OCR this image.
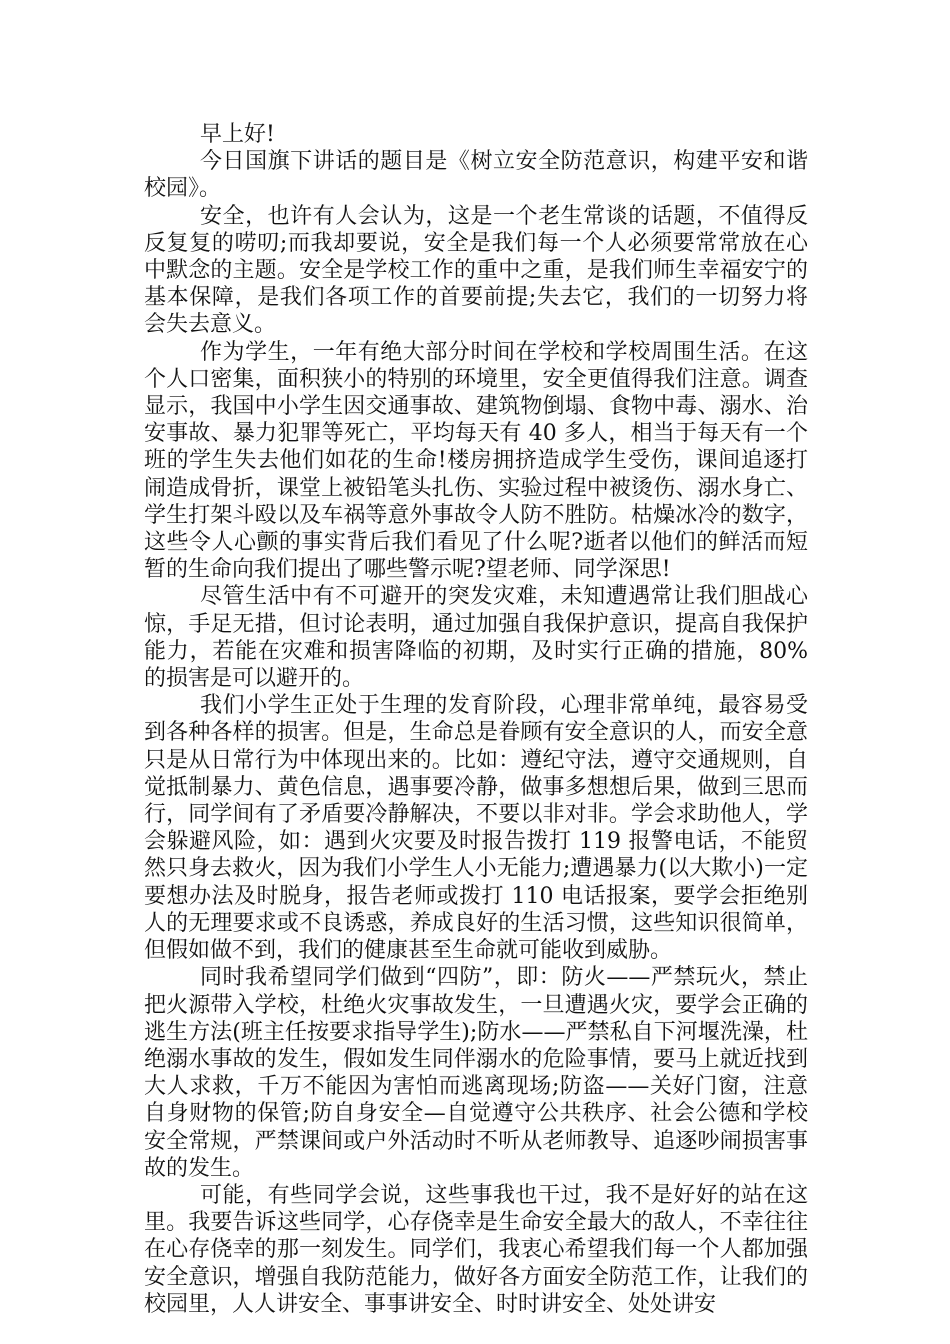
早上好!

今日国旗下讲话的题目是《树立安全防范意识，构建平安和谐校园》。

安全，也许有人会认为，这是一个老生常谈的话题，不值得反反复复的唠叨;而我却要说，安全是我们每一个人必须要常常放在心中默念的主题。安全是学校工作的重中之重，是我们师生幸福安宁的基本保障，是我们各项工作的首要前提;失去它，我们的一切努力将会失去意义。

作为学生，一年有绝大部分时间在学校和学校周围生活。在这个人口密集，面积狭小的特别的环境里，安全更值得我们注意。调查显示，我国中小学生因交通事故、建筑物倒塌、食物中毒、溺水、治安事故、暴力犯罪等死亡，平均每天有 40 多人，相当于每天有一个班的学生失去他们如花的生命!楼房拥挤造成学生受伤，课间追逐打闹造成骨折，课堂上被铅笔头扎伤、实验过程中被烫伤、溺水身亡、学生打架斗殴以及车祸等意外事故令人防不胜防。枯燥冰冷的数字，这些令人心颤的事实背后我们看见了什么呢?逝者以他们的鲜活而短暂的生命向我们提出了哪些警示呢?望老师、同学深思!

尽管生活中有不可避开的突发灾难，未知遭遇常让我们胆战心惊，手足无措，但讨论表明，通过加强自我保护意识，提高自我保护能力，若能在灾难和损害降临的初期，及时实行正确的措施，80%的损害是可以避开的。

我们小学生正处于生理的发育阶段，心理非常单纯，最容易受到各种各样的损害。但是，生命总是眷顾有安全意识的人，而安全意只是从日常行为中体现出来的。比如：遵纪守法，遵守交通规则，自觉抵制暴力、黄色信息，遇事要冷静，做事多想想后果，做到三思而行，同学间有了矛盾要冷静解决，不要以非对非。学会求助他人，学会躲避风险，如：遇到火灾要及时报告拨打 119 报警电话，不能贸然只身去救火，因为我们小学生人小无能力;遭遇暴力(以大欺小)一定要想办法及时脱身，报告老师或拨打 110 电话报案，要学会拒绝别人的无理要求或不良诱惑，养成良好的生活习惯，这些知识很简单，但假如做不到，我们的健康甚至生命就可能收到威胁。

同时我希望同学们做到“四防”，即：防火——严禁玩火，禁止把火源带入学校，杜绝火灾事故发生，一旦遭遇火灾，要学会正确的逃生方法(班主任按要求指导学生);防水——严禁私自下河堰洗澡，杜绝溺水事故的发生，假如发生同伴溺水的危险事情，要马上就近找到大人求救，千万不能因为害怕而逃离现场;防盗——关好门窗，注意自身财物的保管;防自身安全—自觉遵守公共秩序、社会公德和学校安全常规，严禁课间或户外活动时不听从老师教导、追逐吵闹损害事故的发生。

可能，有些同学会说，这些事我也干过，我不是好好的站在这里。我要告诉这些同学，心存侥幸是生命安全最大的敌人，不幸往往在心存侥幸的那一刻发生。同学们，我衷心希望我们每一个人都加强安全意识，增强自我防范能力，做好各方面安全防范工作，让我们的校园里，人人讲安全、事事讲安全、时时讲安全、处处讲安
